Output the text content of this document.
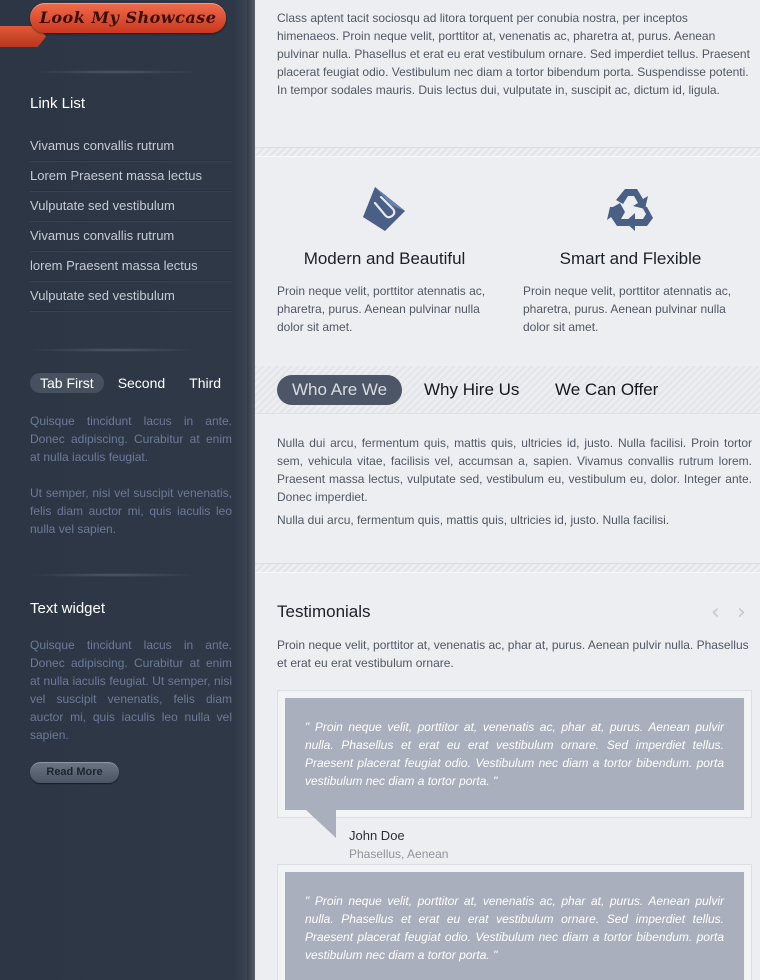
Look My Showcase
Link List
Vivamus convallis rutrum
Lorem Praesent massa lectus
Vulputate sed vestibulum
Vivamus convallis rutrum
lorem Praesent massa lectus
Vulputate sed vestibulum
Tab First	Second	Third

Quisque tincidunt lacus in ante. Donec adipiscing. Curabitur at enim at nulla iaculis feugiat.

Ut semper, nisi vel suscipit venenatis, felis diam auctor mi, quis iaculis leo nulla vel sapien.

Text widget

Quisque tincidunt lacus in ante. Donec adipiscing. Curabitur at enim at nulla iaculis feugiat. Ut semper, nisi vel suscipit venenatis, felis diam auctor mi, quis iaculis leo nulla vel sapien.

Read More

Class aptent tacit sociosqu ad litora torquent per conubia nostra, per inceptos himenaeos. Proin neque velit, porttitor at, venenatis ac, pharetra at, purus. Aenean pulvinar nulla. Phasellus et erat eu erat vestibulum ornare. Sed imperdiet tellus. Praesent placerat feugiat odio. Vestibulum nec diam a tortor bibendum porta. Suspendisse potenti. In tempor sodales mauris. Duis lectus dui, vulputate in, suscipit ac, dictum id, ligula.

Modern and Beautiful

Proin neque velit, porttitor atennatis ac, pharetra, purus. Aenean pulvinar nulla dolor sit amet.

Smart and Flexible

Proin neque velit, porttitor atennatis ac, pharetra, purus. Aenean pulvinar nulla dolor sit amet.

Who Are We	Why Hire Us	We Can Offer

Nulla dui arcu, fermentum quis, mattis quis, ultricies id, justo. Nulla facilisi. Proin tortor sem, vehicula vitae, facilisis vel, accumsan a, sapien. Vivamus convallis rutrum lorem. Praesent massa lectus, vulputate sed, vestibulum eu, vestibulum eu, dolor. Integer ante. Donec imperdiet.

Nulla dui arcu, fermentum quis, mattis quis, ultricies id, justo. Nulla facilisi.

Testimonials	‹ ›

Proin neque velit, porttitor at, venenatis ac, phar at, purus. Aenean pulvir nulla. Phasellus et erat eu erat vestibulum ornare.

" Proin neque velit, porttitor at, venenatis ac, phar at, purus. Aenean pulvir nulla. Phasellus et erat eu erat vestibulum ornare. Sed imperdiet tellus. Praesent placerat feugiat odio. Vestibulum nec diam a tortor bibendum. porta vestibulum nec diam a tortor porta. "
John Doe
Phasellus, Aenean
" Proin neque velit, porttitor at, venenatis ac, phar at, purus. Aenean pulvir nulla. Phasellus et erat eu erat vestibulum ornare. Sed imperdiet tellus. Praesent placerat feugiat odio. Vestibulum nec diam a tortor bibendum. porta vestibulum nec diam a tortor porta. "
